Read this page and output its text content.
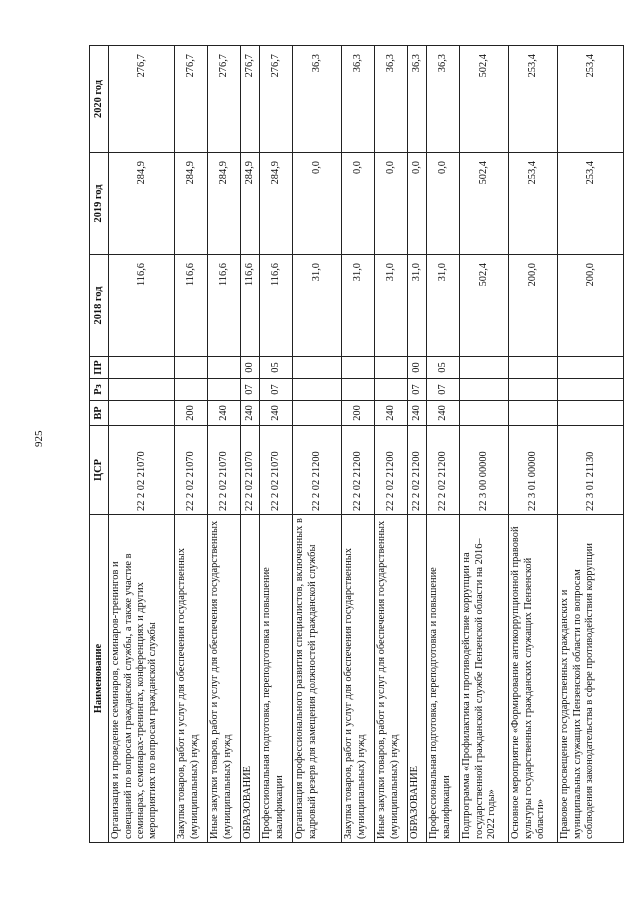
925
Наименование	ЦСР	ВР	Рз	ПР	2018 год	2019 год	2020 год
Организация и проведение семинаров, семинаров-тренингов и совещаний по вопросам гражданской службы, а также участие в семинарах, семинарах-тренингах, конференциях и других мероприятиях по вопросам гражданской службы	22 2 02 21070				116,6	284,9	276,7
Закупка товаров, работ и услуг для обеспечения государственных (муниципальных) нужд	22 2 02 21070	200			116,6	284,9	276,7
Иные закупки товаров, работ и услуг для обеспечения государственных (муниципальных) нужд	22 2 02 21070	240			116,6	284,9	276,7
ОБРАЗОВАНИЕ	22 2 02 21070	240	07	00	116,6	284,9	276,7
Профессиональная подготовка, переподготовка и повышение квалификации	22 2 02 21070	240	07	05	116,6	284,9	276,7
Организация профессионального развития специалистов, включенных в кадровый резерв для замещения должностей гражданской службы	22 2 02 21200				31,0	0,0	36,3
Закупка товаров, работ и услуг для обеспечения государственных (муниципальных) нужд	22 2 02 21200	200			31,0	0,0	36,3
Иные закупки товаров, работ и услуг для обеспечения государственных (муниципальных) нужд	22 2 02 21200	240			31,0	0,0	36,3
ОБРАЗОВАНИЕ	22 2 02 21200	240	07	00	31,0	0,0	36,3
Профессиональная подготовка, переподготовка и повышение квалификации	22 2 02 21200	240	07	05	31,0	0,0	36,3
Подпрограмма «Профилактика и противодействие коррупции на государственной гражданской службе Пензенской области на 2016–2022 годы»	22 3 00 00000				502,4	502,4	502,4
Основное мероприятие «Формирование антикоррупционной правовой культуры государственных гражданских служащих Пензенской области»	22 3 01 00000				200,0	253,4	253,4
Правовое просвещение государственных гражданских и муниципальных служащих Пензенской области по вопросам соблюдения законодательства в сфере противодействия коррупции	22 3 01 21130				200,0	253,4	253,4
